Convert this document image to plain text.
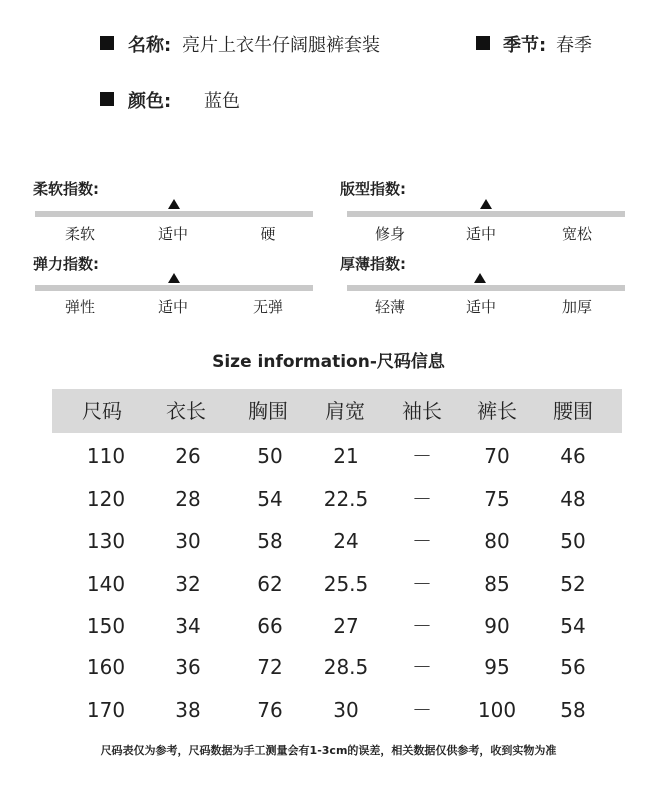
名称: 亮片上衣牛仔阔腿裤套装	季节: 春季
颜色: 蓝色
柔软指数:
柔软	适中	硬
版型指数:
修身	适中	宽松
弹力指数:
弹性	适中	无弹
厚薄指数:
轻薄	适中	加厚
Size information-尺码信息
尺码	衣长	胸围	肩宽	袖长	裤长	腰围
110	26	50	21	－	70	46
120	28	54	22.5	－	75	48
130	30	58	24	－	80	50
140	32	62	25.5	－	85	52
150	34	66	27	－	90	54
160	36	72	28.5	－	95	56
170	38	76	30	－	100	58
尺码表仅为参考，尺码数据为手工测量会有1-3cm的误差，相关数据仅供参考，收到实物为准
